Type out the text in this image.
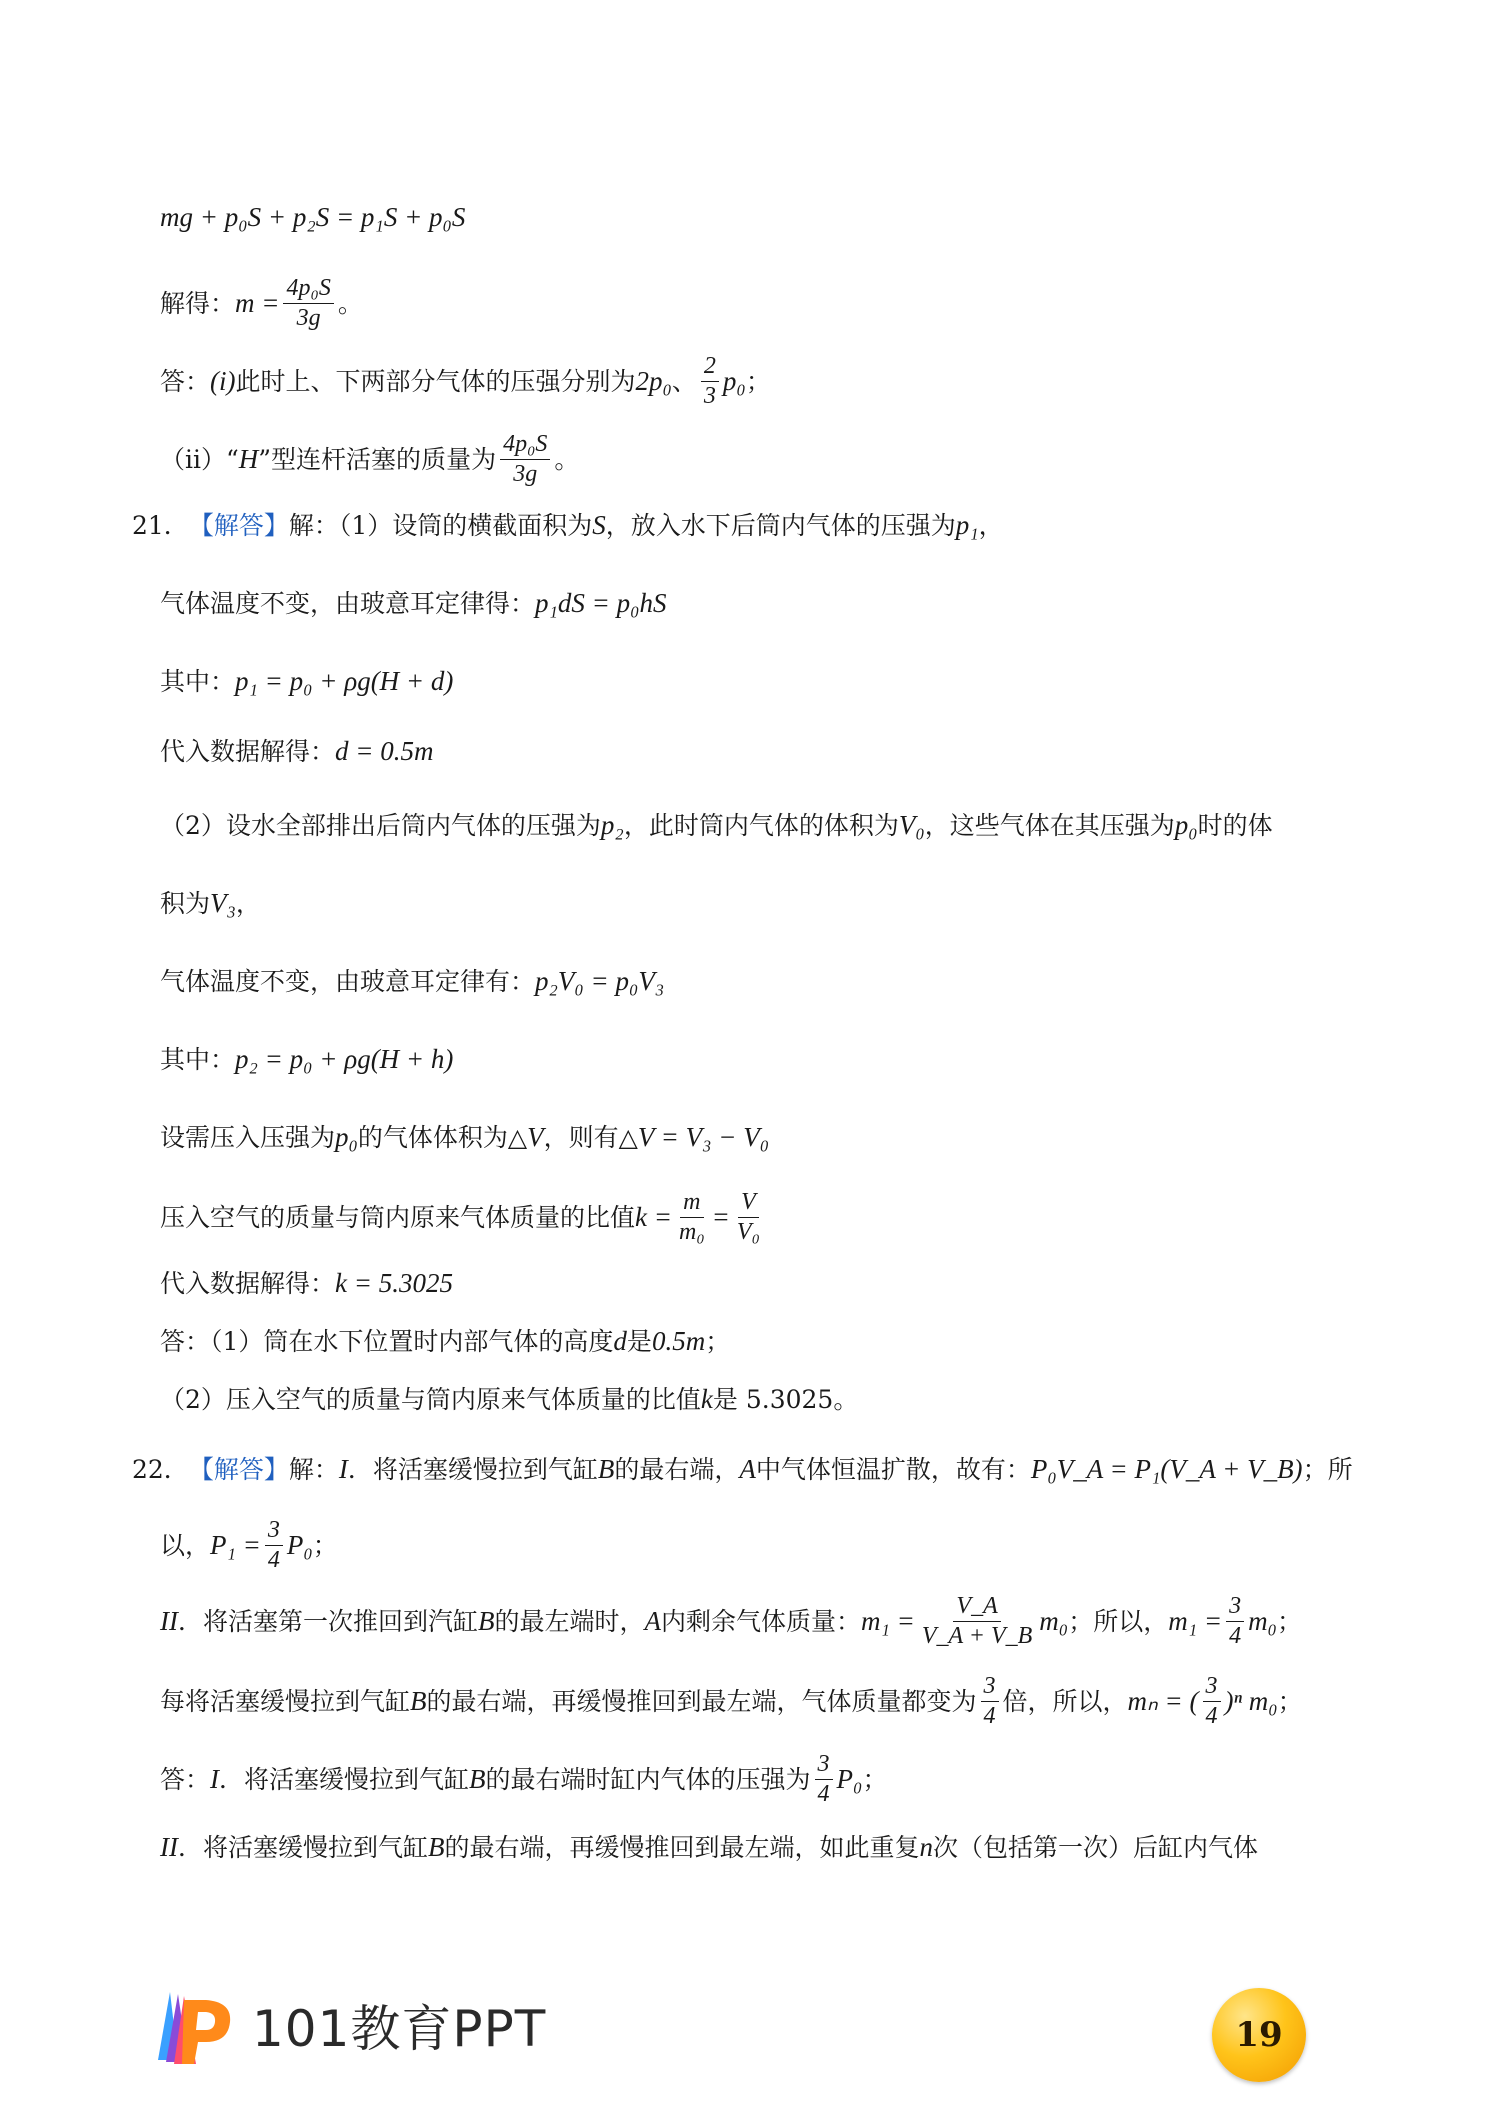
mg + p₀S + p₂S = p₁S + p₀S
解得： $m = \frac{\text{4p₀S}}{3g}$ 。
答： (i) 此时上、下两部分气体的压强分别为 2p₀ 、 $\frac{2}{3} p_0$ ；
（ii）“ H ”型连杆活塞的质量为 $\frac{\text{4p₀S}}{3g}$ 。
21． 【解答】 解：（1）设筒的横截面积为 S ，放入水下后筒内气体的压强为 p₁ ，
气体温度不变，由玻意耳定律得： p₁dS = p₀hS
其中： p₁ = p₀ + ρg(H + d)
代入数据解得： d = 0.5m
（2）设水全部排出后筒内气体的压强为 p₂ ，此时筒内气体的体积为 V₀ ，这些气体在其压强为 p₀ 时的体
积为 V₃ ，
气体温度不变，由玻意耳定律有： p₂V₀ = p₀V₃
其中： p₂ = p₀ + ρg(H + h)
设需压入压强为 p₀ 的气体体积为△ V ，则有△ V = V₃ − V₀
压入空气的质量与筒内原来气体质量的比值 $k = \frac{m}{\text{m₀}} = \frac{V}{\text{V₀}}$
代入数据解得： k = 5.3025
答：（1）筒在水下位置时内部气体的高度 d 是 0.5m ；
（2）压入空气的质量与筒内原来气体质量的比值 k 是 5.3025。
22． 【解答】 解： I ．将活塞缓慢拉到气缸 B 的最右端， A 中气体恒温扩散，故有： P₀V_A = P₁(V_A + V_B) ；所
以， $P_1 = \frac{3}{4} P_0$ ；
II ．将活塞第一次推回到汽缸 B 的最左端时， A 内剩余气体质量： $m_1 = \frac{V\_A}{V\_A + V\_B} m_0$ ；所以， $m_1 = \frac{3}{4} m_0$ ；
每将活塞缓慢拉到气缸 B 的最右端，再缓慢推回到最左端，气体质量都变为 $\frac{3}{4}$ 倍，所以， mₙ = ( $\frac{3}{4} )^n$ m₀ ；
答： I ．将活塞缓慢拉到气缸 B 的最右端时缸内气体的压强为 $\frac{3}{4} P_0$ ；
II ．将活塞缓慢拉到气缸 B 的最右端，再缓慢推回到最左端，如此重复 n 次（包括第一次）后缸内气体
101教育PPT	19
